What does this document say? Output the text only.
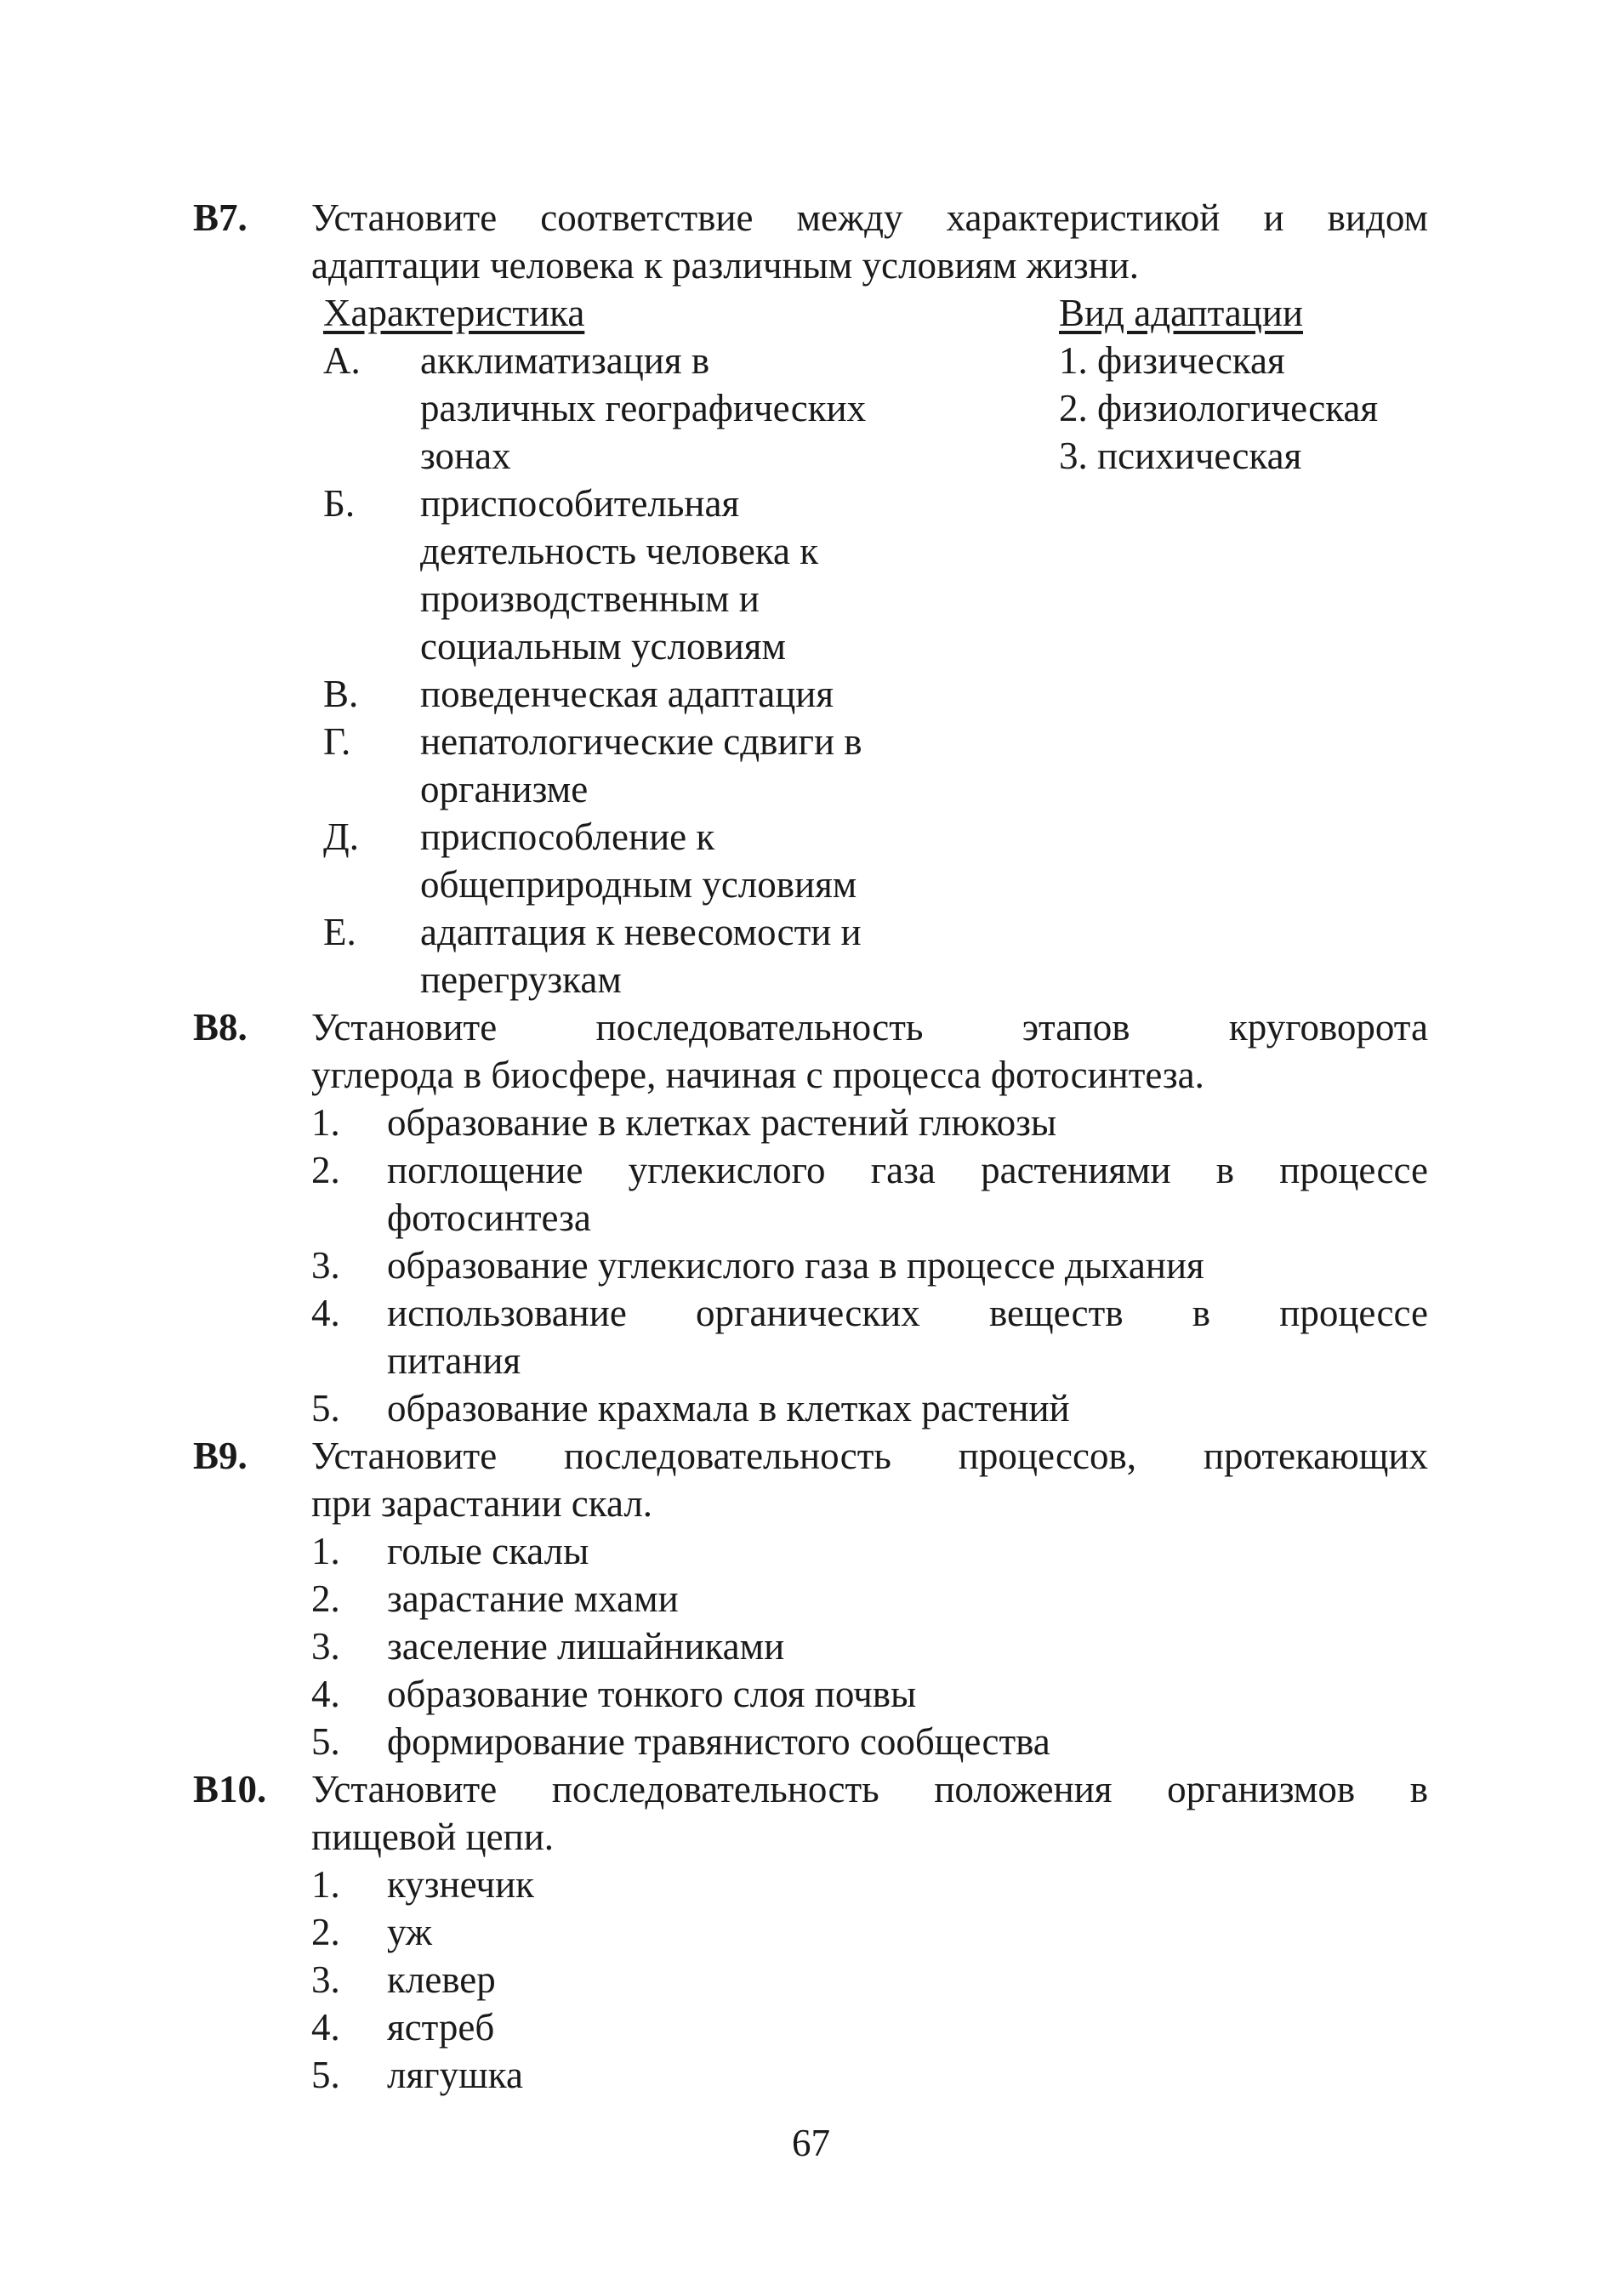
В7. Установите соответствие между характеристикой и видом
адаптации человека к различным условиям жизни.
Характеристика	Вид адаптации
А. акклиматизация в
различных географических
зонах
Б. приспособительная
деятельность человека к
производственным и
социальным условиям
В. поведенческая адаптация
Г. непатологические сдвиги в
организме
Д. приспособление к
общеприродным условиям
Е. адаптация к невесомости и
перегрузкам
1. физическая
2. физиологическая
3. психическая
В8. Установите последовательность этапов круговорота
углерода в биосфере, начиная с процесса фотосинтеза.
1. образование в клетках растений глюкозы
2. поглощение углекислого газа растениями в процессе
фотосинтеза
3. образование углекислого газа в процессе дыхания
4. использование органических веществ в процессе
питания
5. образование крахмала в клетках растений
В9. Установите последовательность процессов, протекающих
при зарастании скал.
1. голые скалы
2. зарастание мхами
3. заселение лишайниками
4. образование тонкого слоя почвы
5. формирование травянистого сообщества
В10. Установите последовательность положения организмов в
пищевой цепи.
1. кузнечик
2. уж
3. клевер
4. ястреб
5. лягушка
67
